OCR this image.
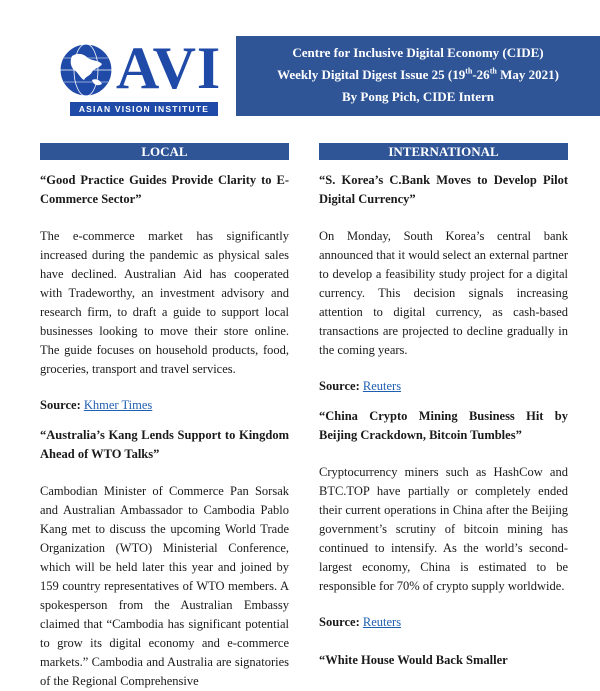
AVI
ASIAN VISION INSTITUTE
Centre for Inclusive Digital Economy (CIDE)
Weekly Digital Digest Issue 25 (19th-26th May 2021)
By Pong Pich, CIDE Intern
LOCAL

“Good Practice Guides Provide Clarity to E-Commerce Sector”

The e-commerce market has significantly increased during the pandemic as physical sales have declined. Australian Aid has cooperated with Tradeworthy, an investment advisory and research firm, to draft a guide to support local businesses looking to move their store online. The guide focuses on household products, food, groceries, transport and travel services.

Source: Khmer Times

“Australia’s Kang Lends Support to Kingdom Ahead of WTO Talks”

Cambodian Minister of Commerce Pan Sorsak and Australian Ambassador to Cambodia Pablo Kang met to discuss the upcoming World Trade Organization (WTO) Ministerial Conference, which will be held later this year and joined by 159 country representatives of WTO members. A spokesperson from the Australian Embassy claimed that “Cambodia has significant potential to grow its digital economy and e-commerce markets.” Cambodia and Australia are signatories of the Regional Comprehensive

INTERNATIONAL

“S. Korea’s C.Bank Moves to Develop Pilot Digital Currency”

On Monday, South Korea’s central bank announced that it would select an external partner to develop a feasibility study project for a digital currency. This decision signals increasing attention to digital currency, as cash-based transactions are projected to decline gradually in the coming years.

Source: Reuters

“China Crypto Mining Business Hit by Beijing Crackdown, Bitcoin Tumbles”

Cryptocurrency miners such as HashCow and BTC.TOP have partially or completely ended their current operations in China after the Beijing government’s scrutiny of bitcoin mining has continued to intensify. As the world’s second-largest economy, China is estimated to be responsible for 70% of crypto supply worldwide.

Source: Reuters

“White House Would Back Smaller
